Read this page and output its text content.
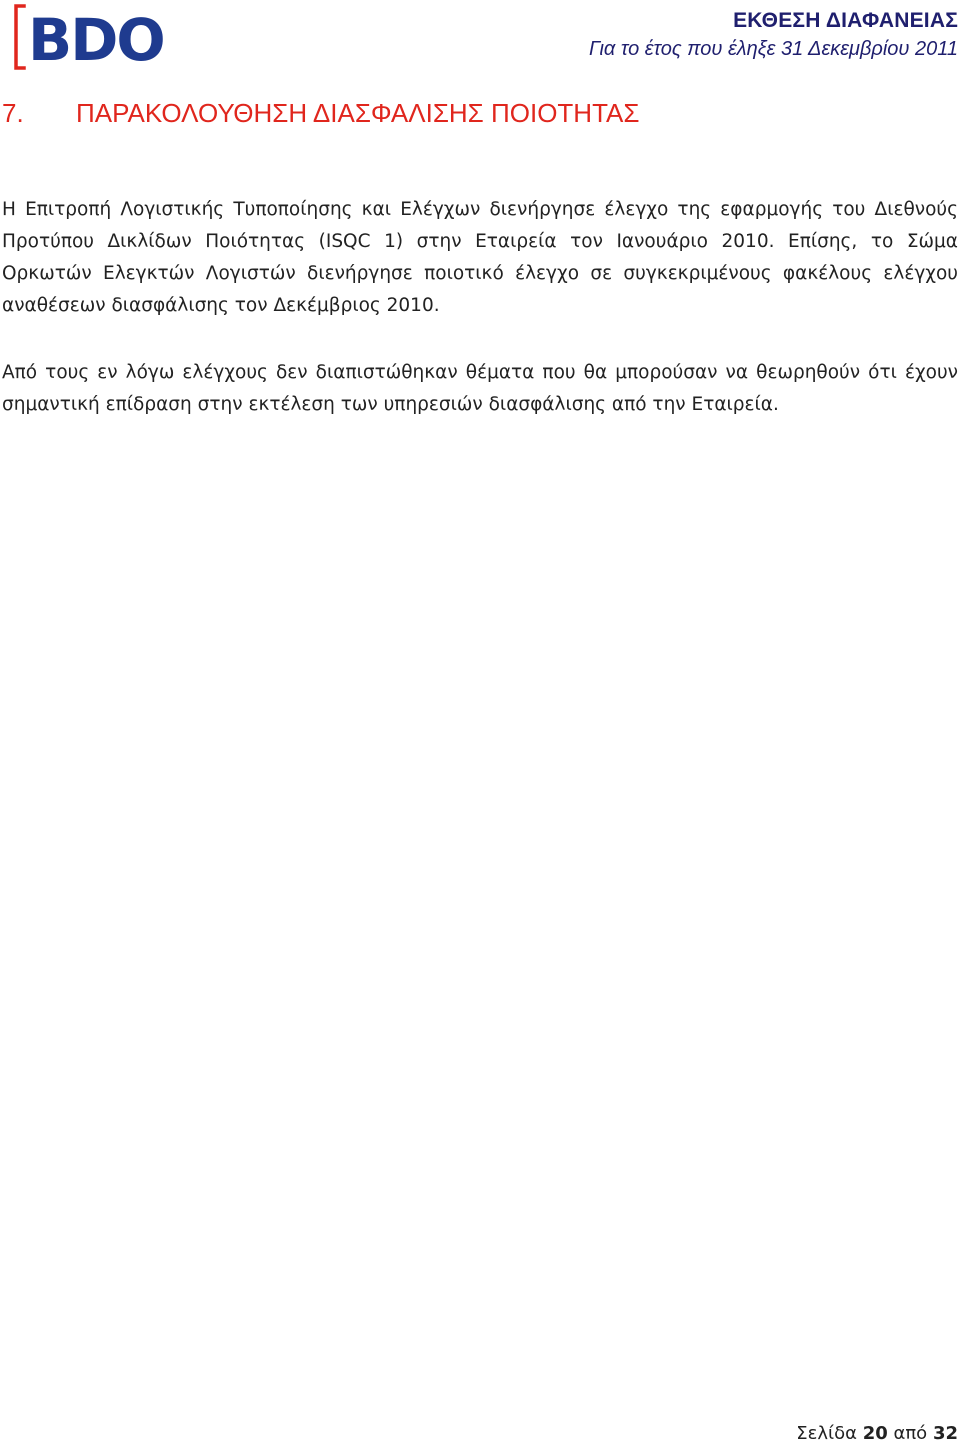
BDO	ΕΚΘΕΣΗ ΔΙΑΦΑΝΕΙΑΣ
Για το έτος που έληξε 31 Δεκεμβρίου 2011
7. ΠΑΡΑΚΟΛΟΥΘΗΣΗ ΔΙΑΣΦΑΛΙΣΗΣ ΠΟΙΟΤΗΤΑΣ

Η Επιτροπή Λογιστικής Τυποποίησης και Ελέγχων διενήργησε έλεγχο της εφαρμογής του Διεθνούς Προτύπου Δικλίδων Ποιότητας (ISQC 1) στην Εταιρεία τον Ιανουάριο 2010. Επίσης, το Σώμα Ορκωτών Ελεγκτών Λογιστών διενήργησε ποιοτικό έλεγχο σε συγκεκριμένους φακέλους ελέγχου αναθέσεων διασφάλισης τον Δεκέμβριος 2010.

Από τους εν λόγω ελέγχους δεν διαπιστώθηκαν θέματα που θα μπορούσαν να θεωρηθούν ότι έχουν σημαντική επίδραση στην εκτέλεση των υπηρεσιών διασφάλισης από την Εταιρεία.

Σελίδα 20 από 32
